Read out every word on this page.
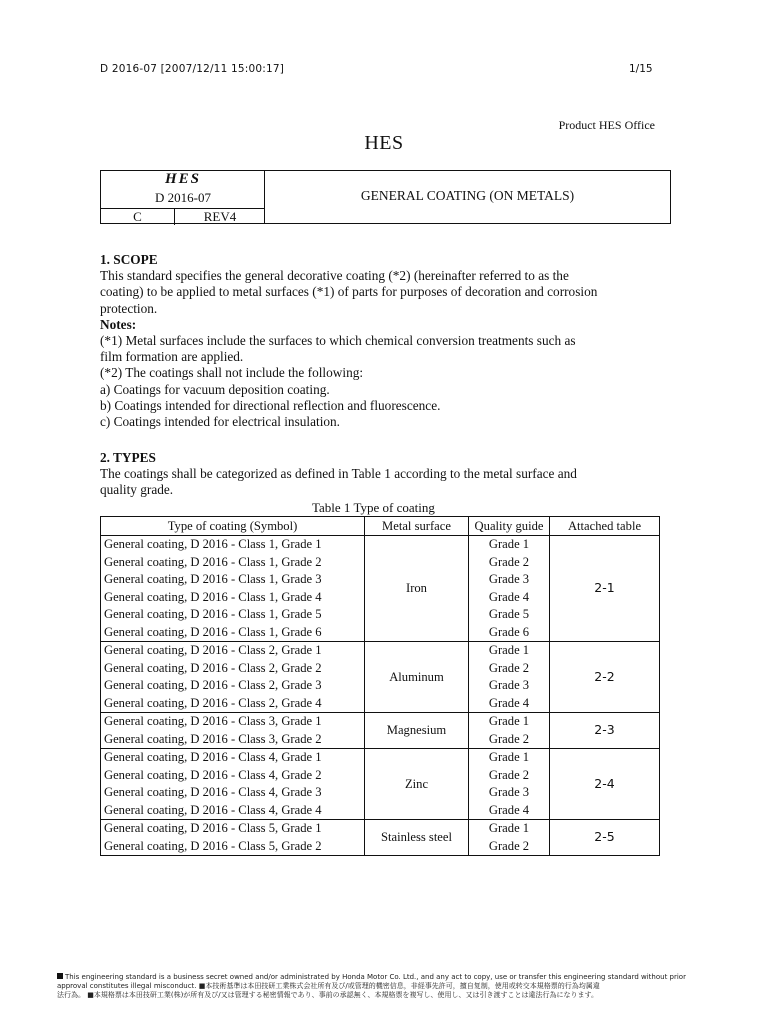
D 2016-07 [2007/12/11 15:00:17]	1/15
Product HES Office
HES
HES
D 2016-07
C	REV4
GENERAL COATING (ON METALS)
1. SCOPE
This standard specifies the general decorative coating (*2) (hereinafter referred to as the
coating) to be applied to metal surfaces (*1) of parts for purposes of decoration and corrosion
protection.
Notes:
(*1) Metal surfaces include the surfaces to which chemical conversion treatments such as
film formation are applied.
(*2) The coatings shall not include the following:
a) Coatings for vacuum deposition coating.
b) Coatings intended for directional reflection and fluorescence.
c) Coatings intended for electrical insulation.
2. TYPES
The coatings shall be categorized as defined in Table 1 according to the metal surface and
quality grade.
Table 1 Type of coating
Type of coating (Symbol)	Metal surface	Quality guide	Attached table
General coating, D 2016 - Class 1, Grade 1	Iron	Grade 1	2-1
General coating, D 2016 - Class 1, Grade 2		Grade 2	
General coating, D 2016 - Class 1, Grade 3		Grade 3	
General coating, D 2016 - Class 1, Grade 4		Grade 4	
General coating, D 2016 - Class 1, Grade 5		Grade 5	
General coating, D 2016 - Class 1, Grade 6		Grade 6	
General coating, D 2016 - Class 2, Grade 1	Aluminum	Grade 1	2-2
General coating, D 2016 - Class 2, Grade 2		Grade 2	
General coating, D 2016 - Class 2, Grade 3		Grade 3	
General coating, D 2016 - Class 2, Grade 4		Grade 4	
General coating, D 2016 - Class 3, Grade 1	Magnesium	Grade 1	2-3
General coating, D 2016 - Class 3, Grade 2		Grade 2	
General coating, D 2016 - Class 4, Grade 1	Zinc	Grade 1	2-4
General coating, D 2016 - Class 4, Grade 2		Grade 2	
General coating, D 2016 - Class 4, Grade 3		Grade 3	
General coating, D 2016 - Class 4, Grade 4		Grade 4	
General coating, D 2016 - Class 5, Grade 1	Stainless steel	Grade 1	2-5
General coating, D 2016 - Class 5, Grade 2		Grade 2	
This engineering standard is a business secret owned and/or administrated by Honda Motor Co. Ltd., and any act to copy, use or transfer this engineering standard without prior
approval constitutes illegal misconduct. ■本技術基準は本田技研工業株式会社所有及び/或管理的機密信息，非経事先許可，擅自复制，使用或转交本規格票的行為均属違
法行為。 ■本規格票は本田技研工業(株)が所有及び/又は管理する秘密情報であり、事前の承認無く、本規格票を複写し、使用し、又は引き渡すことは違法行為になります。
